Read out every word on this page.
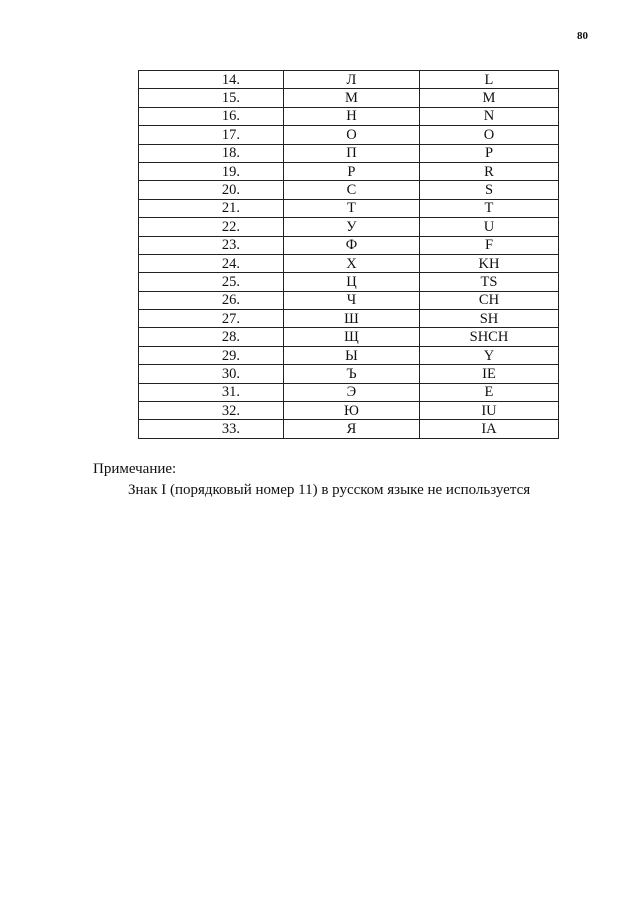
80
14.	Л	L
15.	М	M
16.	Н	N
17.	О	O
18.	П	P
19.	Р	R
20.	С	S
21.	Т	T
22.	У	U
23.	Ф	F
24.	Х	KH
25.	Ц	TS
26.	Ч	CH
27.	Ш	SH
28.	Щ	SHCH
29.	Ы	Y
30.	Ъ	IE
31.	Э	E
32.	Ю	IU
33.	Я	IA

Примечание:

Знак I (порядковый номер 11) в русском языке не используется
